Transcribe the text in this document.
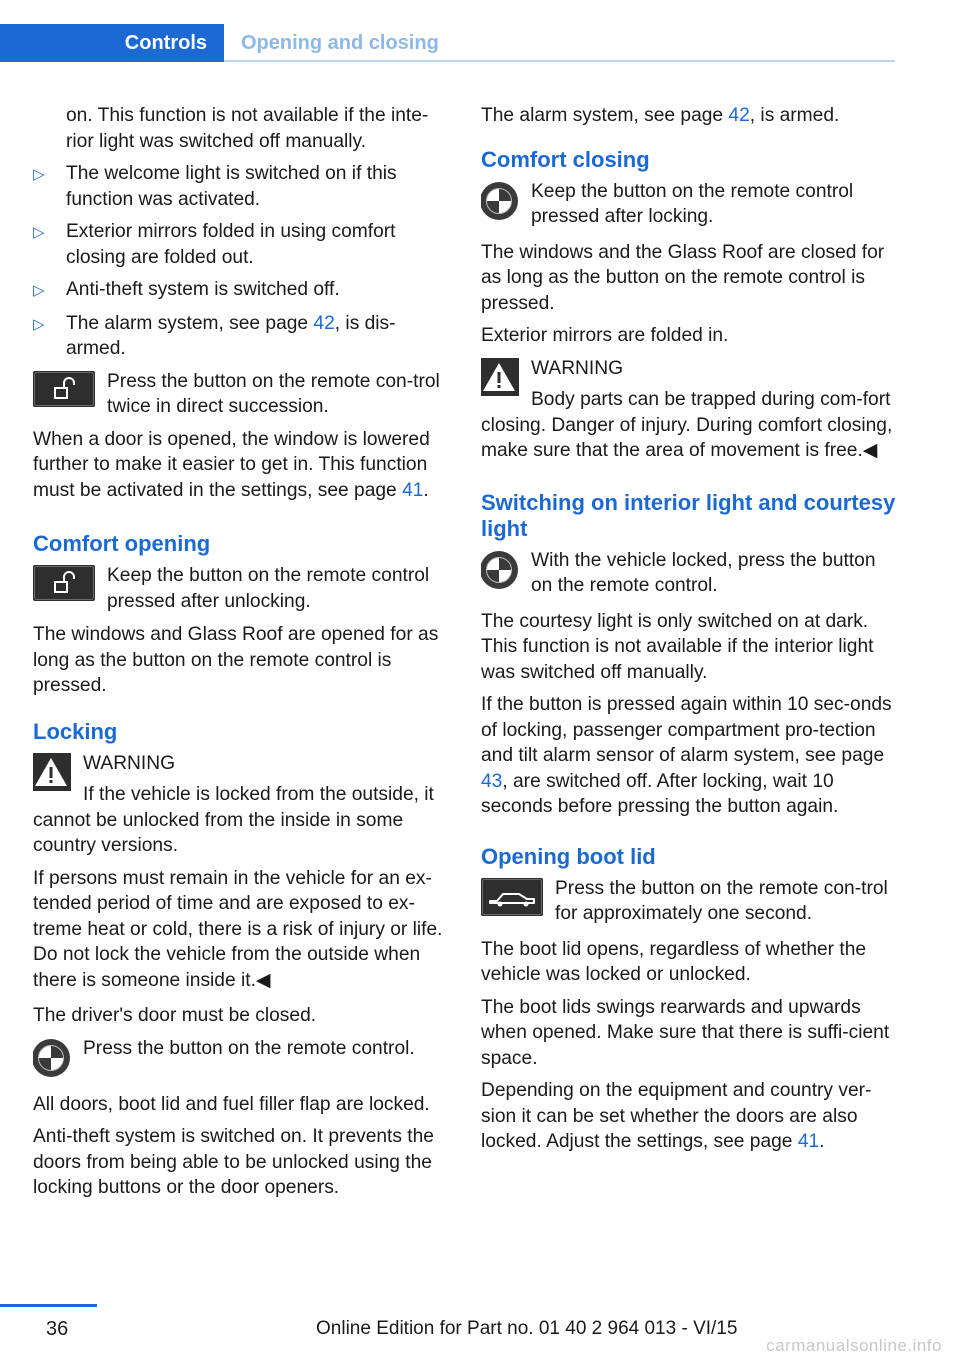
Controls	Opening and closing

on. This function is not available if the inte-rior light was switched off manually.

▷	The welcome light is switched on if this function was activated.
▷	Exterior mirrors folded in using comfort closing are folded out.
▷	Anti-theft system is switched off.
▷	The alarm system, see page 42, is dis-armed.

Press the button on the remote con-trol twice in direct succession.

When a door is opened, the window is lowered further to make it easier to get in. This function must be activated in the settings, see page 41.

Comfort opening

Keep the button on the remote control pressed after unlocking.

The windows and Glass Roof are opened for as long as the button on the remote control is pressed.

Locking

WARNING

If the vehicle is locked from the outside, it cannot be unlocked from the inside in some country versions.

If persons must remain in the vehicle for an ex-tended period of time and are exposed to ex-treme heat or cold, there is a risk of injury or life. Do not lock the vehicle from the outside when there is someone inside it.◀

The driver's door must be closed.

Press the button on the remote control.

All doors, boot lid and fuel filler flap are locked.

Anti-theft system is switched on. It prevents the doors from being able to be unlocked using the locking buttons or the door openers.

The alarm system, see page 42, is armed.

Comfort closing

Keep the button on the remote control pressed after locking.

The windows and the Glass Roof are closed for as long as the button on the remote control is pressed.

Exterior mirrors are folded in.

WARNING

Body parts can be trapped during com-fort closing. Danger of injury. During comfort closing, make sure that the area of movement is free.◀

Switching on interior light and courtesy light

With the vehicle locked, press the button on the remote control.

The courtesy light is only switched on at dark. This function is not available if the interior light was switched off manually.

If the button is pressed again within 10 sec-onds of locking, passenger compartment pro-tection and tilt alarm sensor of alarm system, see page 43, are switched off. After locking, wait 10 seconds before pressing the button again.

Opening boot lid

Press the button on the remote con-trol for approximately one second.

The boot lid opens, regardless of whether the vehicle was locked or unlocked.

The boot lids swings rearwards and upwards when opened. Make sure that there is suffi-cient space.

Depending on the equipment and country ver-sion it can be set whether the doors are also locked. Adjust the settings, see page 41.

36	Online Edition for Part no. 01 40 2 964 013 - VI/15
carmanualsonline.info
